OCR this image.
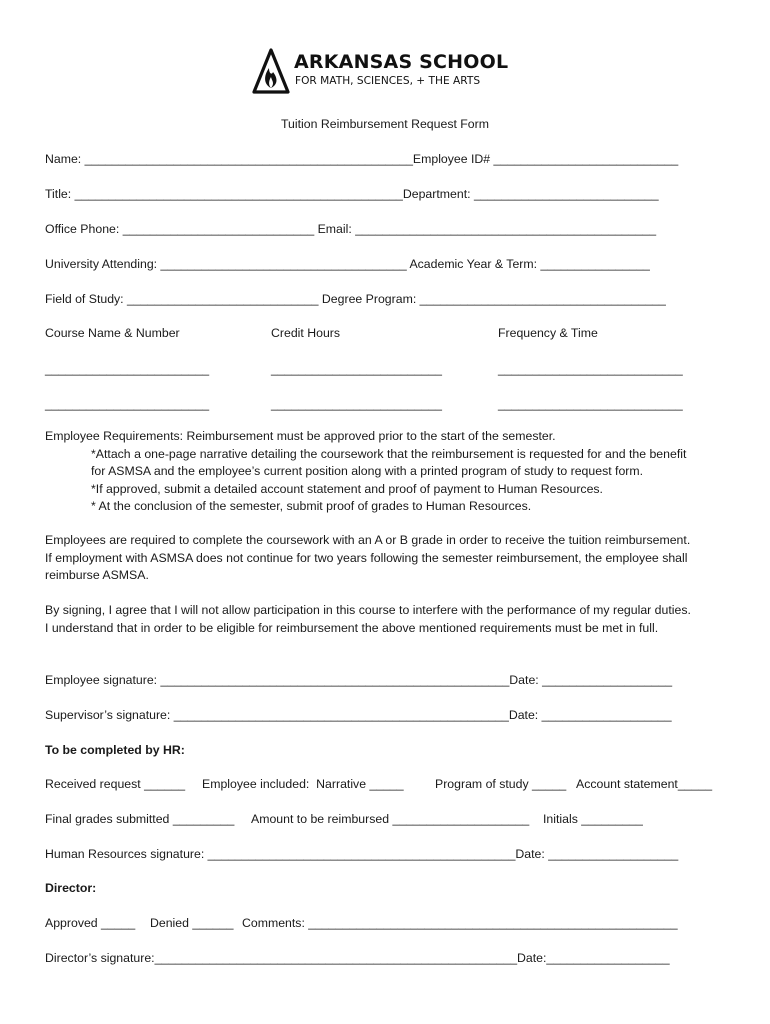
ARKANSAS SCHOOL
FOR MATH, SCIENCES, + THE ARTS
Tuition Reimbursement Request Form
Name: ________________________________________________Employee ID# ___________________________
Title: ________________________________________________Department: ___________________________
Office Phone: ____________________________ Email: ____________________________________________
University Attending: ____________________________________ Academic Year & Term: ________________
Field of Study: ____________________________ Degree Program: ____________________________________
Course Name & Number	Credit Hours	Frequency & Time
________________________	_________________________	___________________________
________________________	_________________________	___________________________
Employee Requirements: Reimbursement must be approved prior to the start of the semester.
*Attach a one-page narrative detailing the coursework that the reimbursement is requested for and the benefit
for ASMSA and the employee’s current position along with a printed program of study to request form.
*If approved, submit a detailed account statement and proof of payment to Human Resources.
* At the conclusion of the semester, submit proof of grades to Human Resources.
Employees are required to complete the coursework with an A or B grade in order to receive the tuition reimbursement.
If employment with ASMSA does not continue for two years following the semester reimbursement, the employee shall
reimburse ASMSA.
By signing, I agree that I will not allow participation in this course to interfere with the performance of my regular duties.
I understand that in order to be eligible for reimbursement the above mentioned requirements must be met in full.
Employee signature: ___________________________________________________Date: ___________________
Supervisor’s signature: _________________________________________________Date: ___________________
To be completed by HR:
Received request ______ Employee included:  Narrative _____	Program of study _____ Account statement_____
Final grades submitted _________ Amount to be reimbursed ____________________ Initials _________
Human Resources signature: _____________________________________________Date: ___________________
Director:
Approved _____ Denied ______ Comments: ______________________________________________________
Director’s signature:_____________________________________________________Date:__________________
